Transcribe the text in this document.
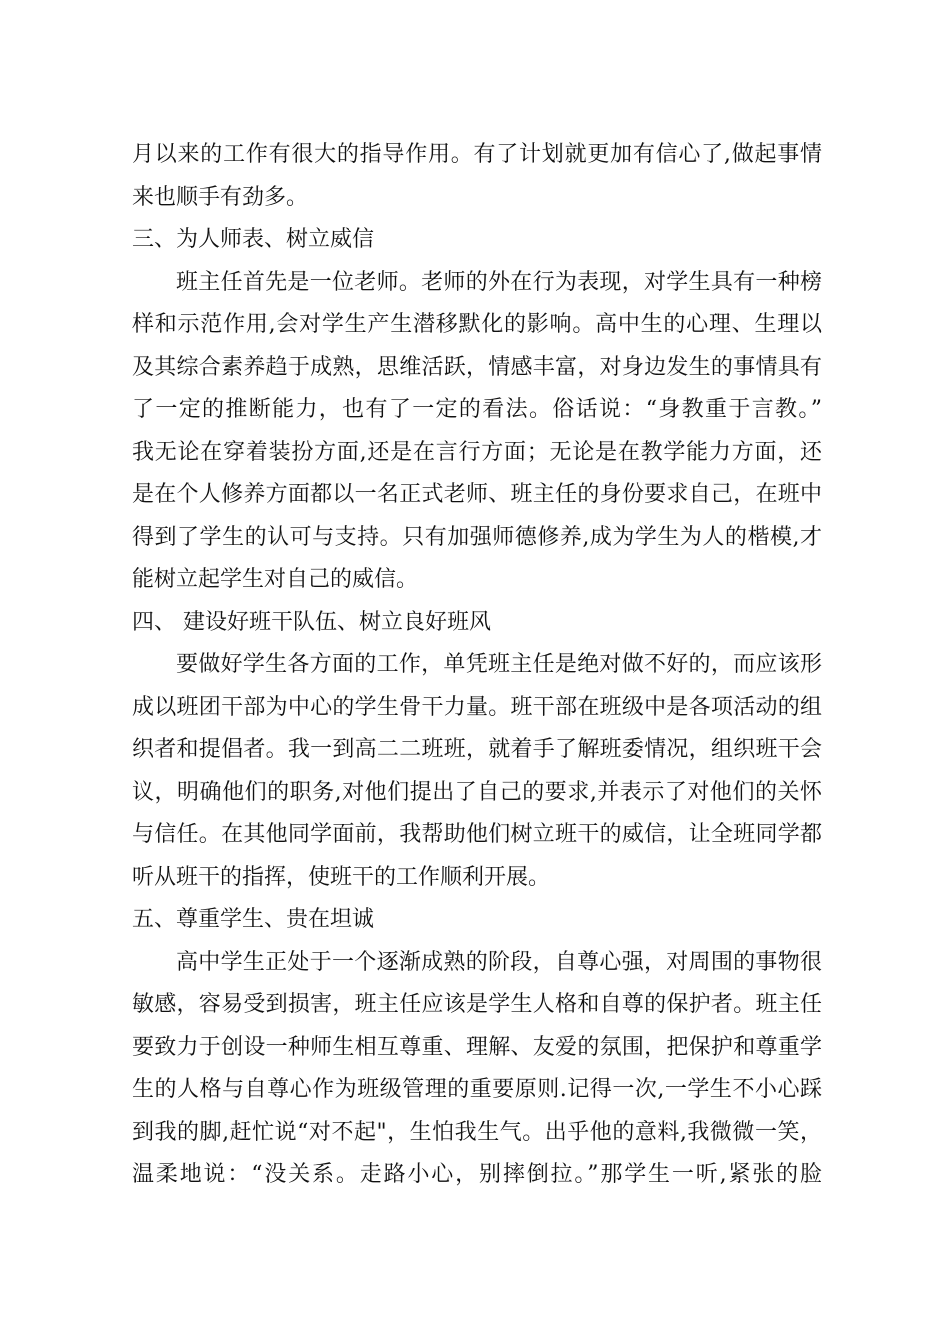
月以来的工作有很大的指导作用。有了计划就更加有信心了,做起事情
来也顺手有劲多。
三、为人师表、树立威信
班主任首先是一位老师。老师的外在行为表现，对学生具有一种榜
样和示范作用,会对学生产生潜移默化的影响。高中生的心理、生理以
及其综合素养趋于成熟，思维活跃，情感丰富，对身边发生的事情具有
了一定的推断能力，也有了一定的看法。俗话说：“身教重于言教。”
我无论在穿着装扮方面,还是在言行方面；无论是在教学能力方面，还
是在个人修养方面都以一名正式老师、班主任的身份要求自己，在班中
得到了学生的认可与支持。只有加强师德修养,成为学生为人的楷模,才
能树立起学生对自己的威信。
四、 建设好班干队伍、树立良好班风
要做好学生各方面的工作，单凭班主任是绝对做不好的，而应该形
成以班团干部为中心的学生骨干力量。班干部在班级中是各项活动的组
织者和提倡者。我一到高二二班班，就着手了解班委情况，组织班干会
议，明确他们的职务,对他们提出了自己的要求,并表示了对他们的关怀
与信任。在其他同学面前，我帮助他们树立班干的威信，让全班同学都
听从班干的指挥，使班干的工作顺利开展。
五、尊重学生、贵在坦诚
高中学生正处于一个逐渐成熟的阶段，自尊心强，对周围的事物很
敏感，容易受到损害，班主任应该是学生人格和自尊的保护者。班主任
要致力于创设一种师生相互尊重、理解、友爱的氛围，把保护和尊重学
生的人格与自尊心作为班级管理的重要原则.记得一次,一学生不小心踩
到我的脚,赶忙说“对不起"，生怕我生气。出乎他的意料,我微微一笑，
温柔地说：“没关系。走路小心，别摔倒拉。”那学生一听,紧张的脸
